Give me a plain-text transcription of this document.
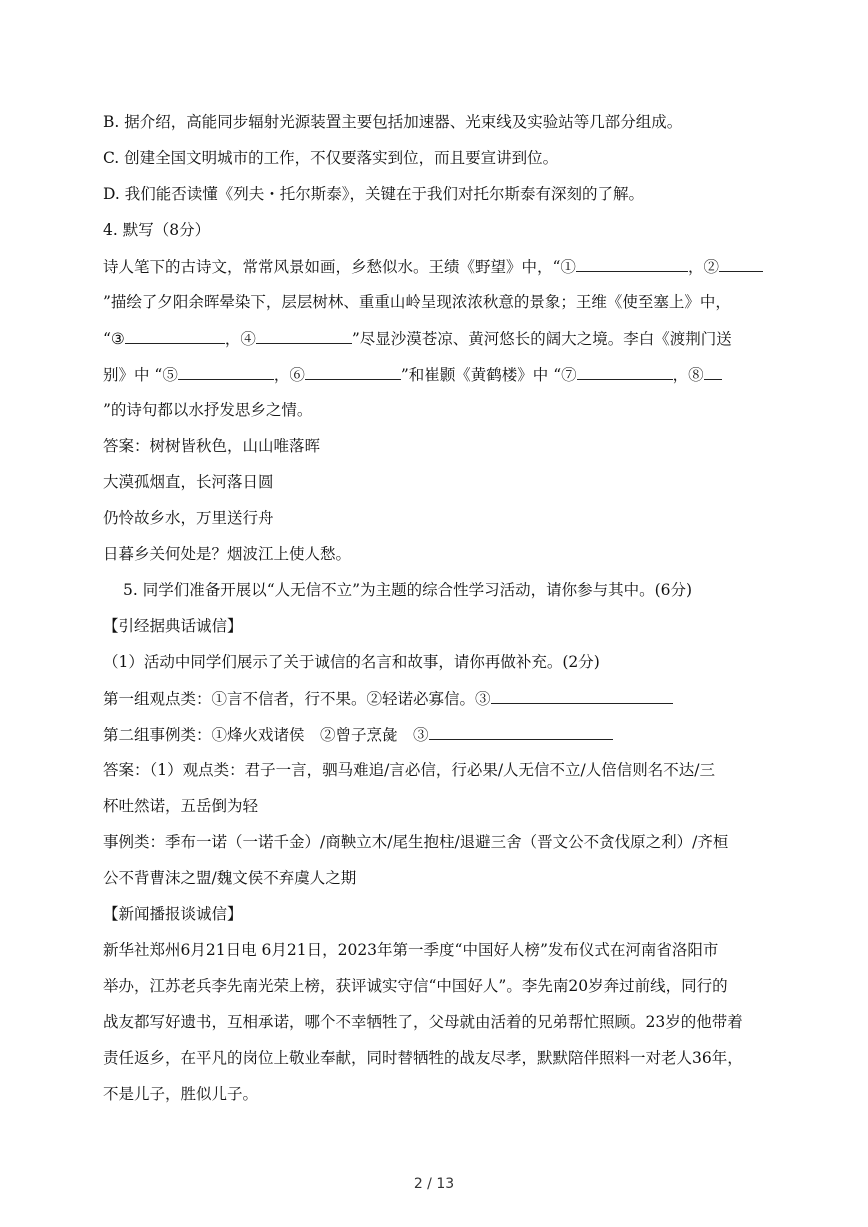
B. 据介绍，高能同步辐射光源装置主要包括加速器、光束线及实验站等几部分组成。
C. 创建全国文明城市的工作，不仅要落实到位，而且要宣讲到位。
D. 我们能否读懂《列夫・托尔斯泰》，关键在于我们对托尔斯泰有深刻的了解。
4. 默写（8分）
诗人笔下的古诗文，常常风景如画，乡愁似水。王绩《野望》中，“①	，②
”描绘了夕阳余晖晕染下，层层树林、重重山岭呈现浓浓秋意的景象；王维《使至塞上》中，
“③	，④	”尽显沙漠苍凉、黄河悠长的阔大之境。李白《渡荆门送
别》中 “⑤	，⑥	”和崔颢《黄鹤楼》中 “⑦	，⑧
”的诗句都以水抒发思乡之情。
答案：树树皆秋色，山山唯落晖
大漠孤烟直，长河落日圆
仍怜故乡水，万里送行舟
日暮乡关何处是？烟波江上使人愁。
5. 同学们准备开展以“人无信不立”为主题的综合性学习活动，请你参与其中。(6分)
【引经据典话诚信】
（1）活动中同学们展示了关于诚信的名言和故事，请你再做补充。(2分)
第一组观点类：①言不信者，行不果。②轻诺必寡信。③
第二组事例类：①烽火戏诸侯　②曾子烹彘　③
答案：（1）观点类：君子一言，驷马难追/言必信，行必果/人无信不立/人倍信则名不达/三
杯吐然诺，五岳倒为轻
事例类：季布一诺（一诺千金）/商鞅立木/尾生抱柱/退避三舍（晋文公不贪伐原之利）/齐桓
公不背曹沫之盟/魏文侯不弃虞人之期
【新闻播报谈诚信】
新华社郑州6月21日电 6月21日，2023年第一季度“中国好人榜”发布仪式在河南省洛阳市
举办，江苏老兵李先南光荣上榜，获评诚实守信“中国好人”。李先南20岁奔过前线，同行的
战友都写好遗书，互相承诺，哪个不幸牺牲了，父母就由活着的兄弟帮忙照顾。23岁的他带着
责任返乡，在平凡的岗位上敬业奉献，同时替牺牲的战友尽孝，默默陪伴照料一对老人36年，
不是儿子，胜似儿子。
2 / 13
